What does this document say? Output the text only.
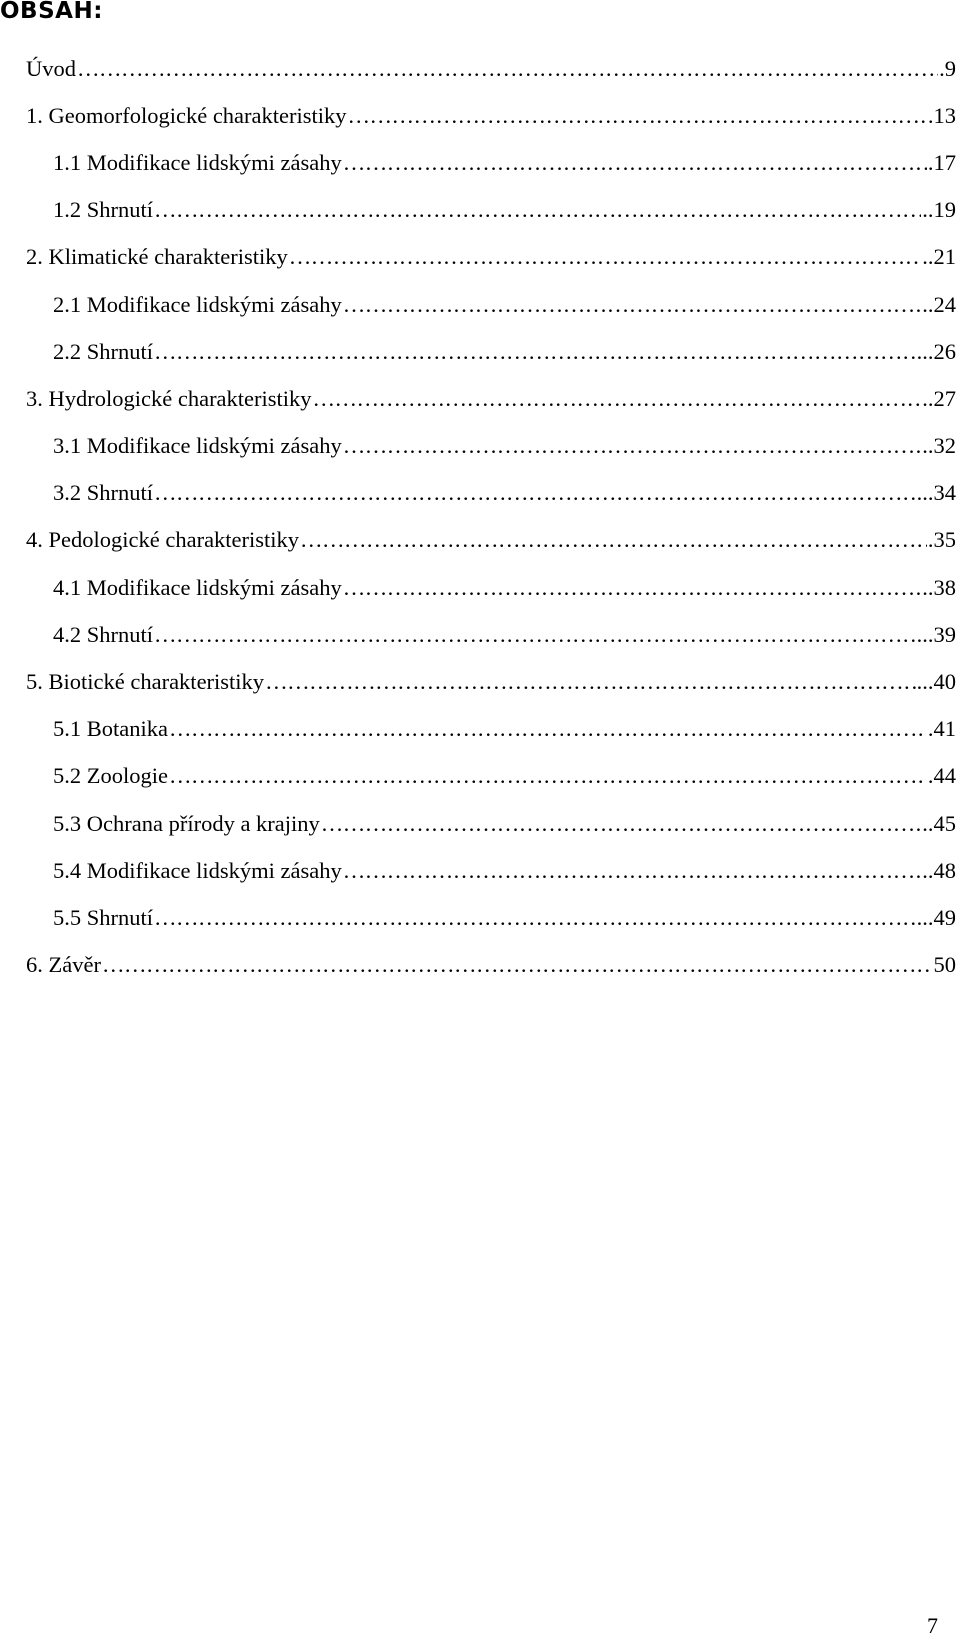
OBSAH:
Úvod …………………………………………………………………………………………………………………………………………………………………………………………………………………………………………………	.9
1. Geomorfologické charakteristiky …………………………………………………………………………………………………………………………………………………………………………………………………………………………………………………	13
1.1 Modifikace lidskými zásahy …………………………………………………………………………………………………………………………………………………………………………………………………………………………………………………	.17
1.2 Shrnutí …………………………………………………………………………………………………………………………………………………………………………………………………………………………………………………	..19
2. Klimatické charakteristiky …………………………………………………………………………………………………………………………………………………………………………………………………………………………………………………	..21
2.1 Modifikace lidskými zásahy …………………………………………………………………………………………………………………………………………………………………………………………………………………………………………………	..24
2.2 Shrnutí …………………………………………………………………………………………………………………………………………………………………………………………………………………………………………………	...26
3. Hydrologické charakteristiky …………………………………………………………………………………………………………………………………………………………………………………………………………………………………………………	..27
3.1 Modifikace lidskými zásahy …………………………………………………………………………………………………………………………………………………………………………………………………………………………………………………	..32
3.2 Shrnutí …………………………………………………………………………………………………………………………………………………………………………………………………………………………………………………	...34
4. Pedologické charakteristiky …………………………………………………………………………………………………………………………………………………………………………………………………………………………………………………	.35
4.1 Modifikace lidskými zásahy …………………………………………………………………………………………………………………………………………………………………………………………………………………………………………………	..38
4.2 Shrnutí …………………………………………………………………………………………………………………………………………………………………………………………………………………………………………………	...39
5. Biotické charakteristiky …………………………………………………………………………………………………………………………………………………………………………………………………………………………………………………	...40
5.1 Botanika …………………………………………………………………………………………………………………………………………………………………………………………………………………………………………………	.41
5.2 Zoologie …………………………………………………………………………………………………………………………………………………………………………………………………………………………………………………	.44
5.3 Ochrana přírody a krajiny …………………………………………………………………………………………………………………………………………………………………………………………………………………………………………………	..45
5.4 Modifikace lidskými zásahy …………………………………………………………………………………………………………………………………………………………………………………………………………………………………………………	..48
5.5 Shrnutí …………………………………………………………………………………………………………………………………………………………………………………………………………………………………………………	...49
6. Závěr …………………………………………………………………………………………………………………………………………………………………………………………………………………………………………………	50
7
